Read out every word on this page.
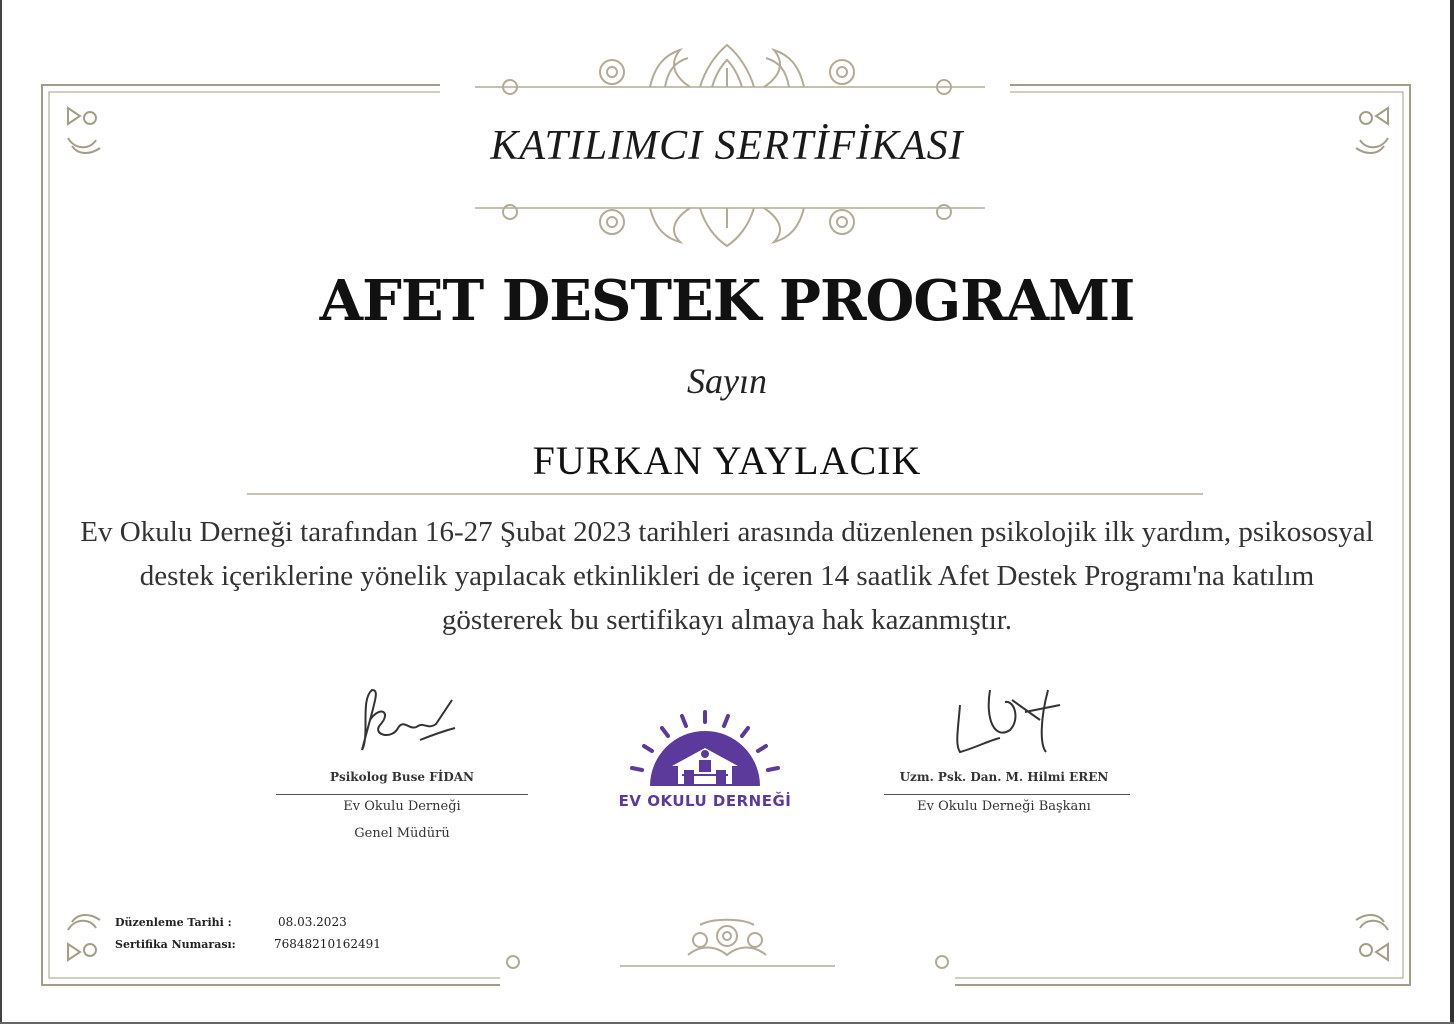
KATILIMCI SERTİFİKASI
AFET DESTEK PROGRAMI
Sayın
FURKAN YAYLACIK
Ev Okulu Derneği tarafından 16-27 Şubat 2023 tarihleri arasında düzenlenen psikolojik ilk yardım, psikososyal destek içeriklerine yönelik yapılacak etkinlikleri de içeren 14 saatlik Afet Destek Programı'na katılım göstererek bu sertifikayı almaya hak kazanmıştır.
Psikolog Buse FİDAN
Ev Okulu Derneği
Genel Müdürü
Uzm. Psk. Dan. M. Hilmi EREN
Ev Okulu Derneği Başkanı
EV OKULU DERNEĞİ
Düzenleme Tarihi :	08.03.2023
Sertifika Numarası:	76848210162491
